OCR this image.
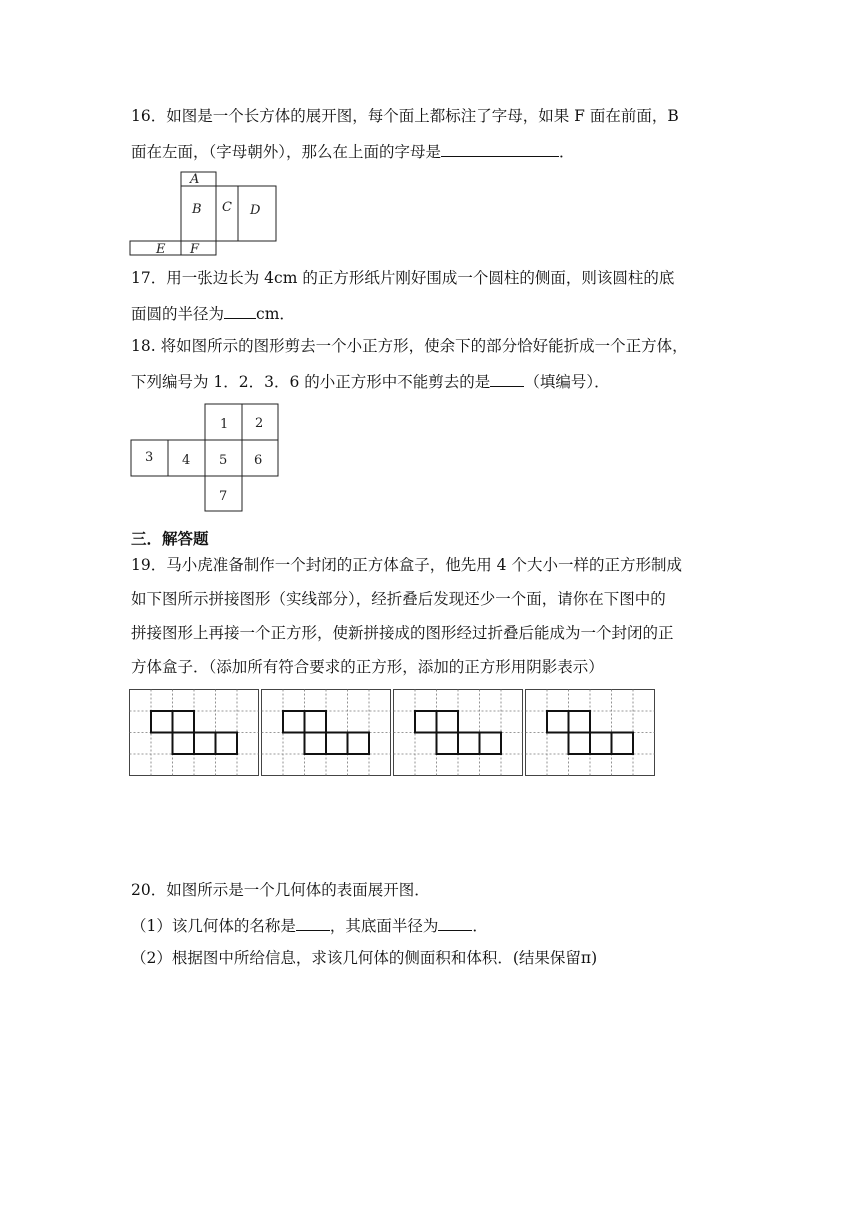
16．如图是一个长方体的展开图，每个面上都标注了字母，如果 F 面在前面，B
面在左面，（字母朝外），那么在上面的字母是	．
A
B C D
E F
17．用一张边长为 4cm 的正方形纸片刚好围成一个圆柱的侧面，则该圆柱的底
面圆的半径为 cm．
18. 将如图所示的图形剪去一个小正方形，使余下的部分恰好能折成一个正方体，
下列编号为 1．2．3．6 的小正方形中不能剪去的是 （填编号）．
1 2
3 4 5 6
7
三．解答题
19．马小虎准备制作一个封闭的正方体盒子，他先用 4 个大小一样的正方形制成
如下图所示拼接图形（实线部分），经折叠后发现还少一个面，请你在下图中的
拼接图形上再接一个正方形，使新拼接成的图形经过折叠后能成为一个封闭的正
方体盒子．（添加所有符合要求的正方形，添加的正方形用阴影表示）
20．如图所示是一个几何体的表面展开图．
（1）该几何体的名称是 ，其底面半径为 ．
（2）根据图中所给信息，求该几何体的侧面积和体积．(结果保留π)
